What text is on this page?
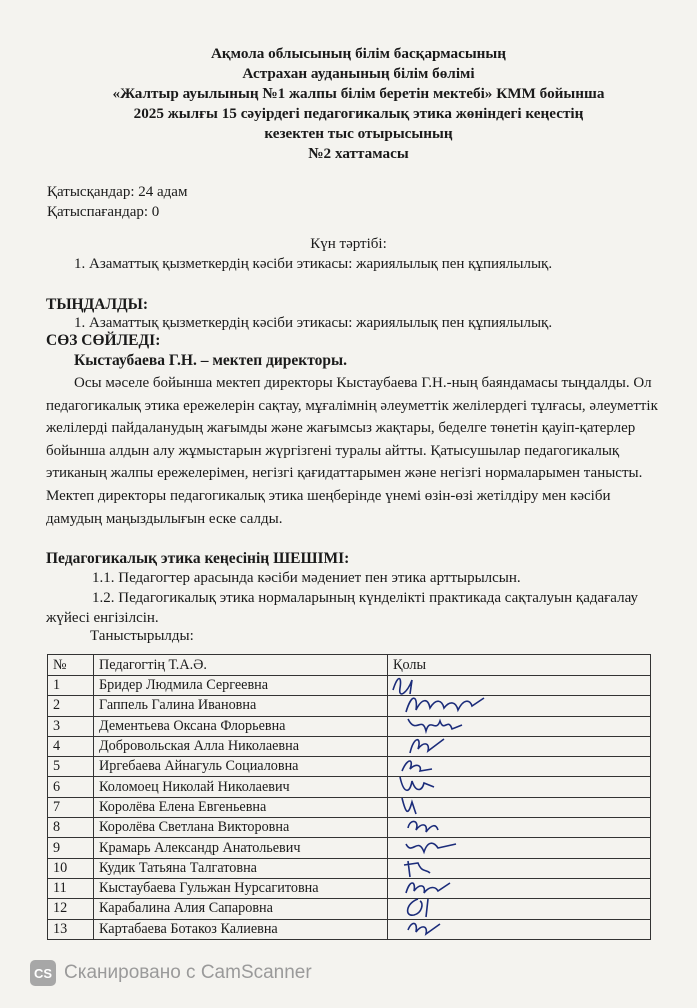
Ақмола облысының білім басқармасының
Астрахан ауданының білім бөлімі
«Жалтыр ауылының №1 жалпы білім беретін мектебі» КММ бойынша
2025 жылғы 15 сәуірдегі педагогикалық этика жөніндегі кеңестің
кезектен тыс отырысының
№2 хаттамасы
Қатысқандар: 24 адам
Қатыспағандар: 0
Күн тәртібі:
1. Азаматтық қызметкердің кәсіби этикасы: жариялылық пен құпиялылық.
ТЫҢДАЛДЫ:
1. Азаматтық қызметкердің кәсіби этикасы: жариялылық пен құпиялылық.
СӨЗ СӨЙЛЕДІ:
Кыстаубаева Г.Н. – мектеп директоры.

Осы мәселе бойынша мектеп директоры Кыстаубаева Г.Н.-ның баяндамасы тыңдалды. Ол педагогикалық этика ережелерін сақтау, мұғалімнің әлеуметтік желілердегі тұлғасы, әлеуметтік желілерді пайдаланудың жағымды және жағымсыз жақтары, беделге төнетін қауіп-қатерлер бойынша алдын алу жұмыстарын жүргізгені туралы айтты. Қатысушылар педагогикалық этиканың жалпы ережелерімен, негізгі қағидаттарымен және негізгі нормаларымен танысты.

Мектеп директоры педагогикалық этика шеңберінде үнемі өзін-өзі жетілдіру мен кәсіби дамудың маңыздылығын еске салды.

Педагогикалық этика кеңесінің ШЕШІМІ:

1.1. Педагогтер арасында кәсіби мәдениет пен этика арттырылсын.

1.2. Педагогикалық этика нормаларының күнделікті практикада сақталуын қадағалау жүйесі енгізілсін.

Таныстырылды:
№	Педагогтің Т.А.Ә.	Қолы
1	Бридер Людмила Сергеевна	

2	Гаппель Галина Ивановна	

3	Дементьева Оксана Флорьевна	

4	Добровольская Алла Николаевна	

5	Иргебаева Айнагуль Социаловна	

6	Коломоец Николай Николаевич	

7	Королёва Елена Евгеньевна	

8	Королёва Светлана Викторовна	

9	Крамарь Александр Анатольевич	

10	Кудик Татьяна Талгатовна	

11	Кыстаубаева Гульжан Нурсагитовна	

12	Карабалина Алия Сапаровна	

13	Картабаева Ботакоз Калиевна	
CS Сканировано с CamScanner
